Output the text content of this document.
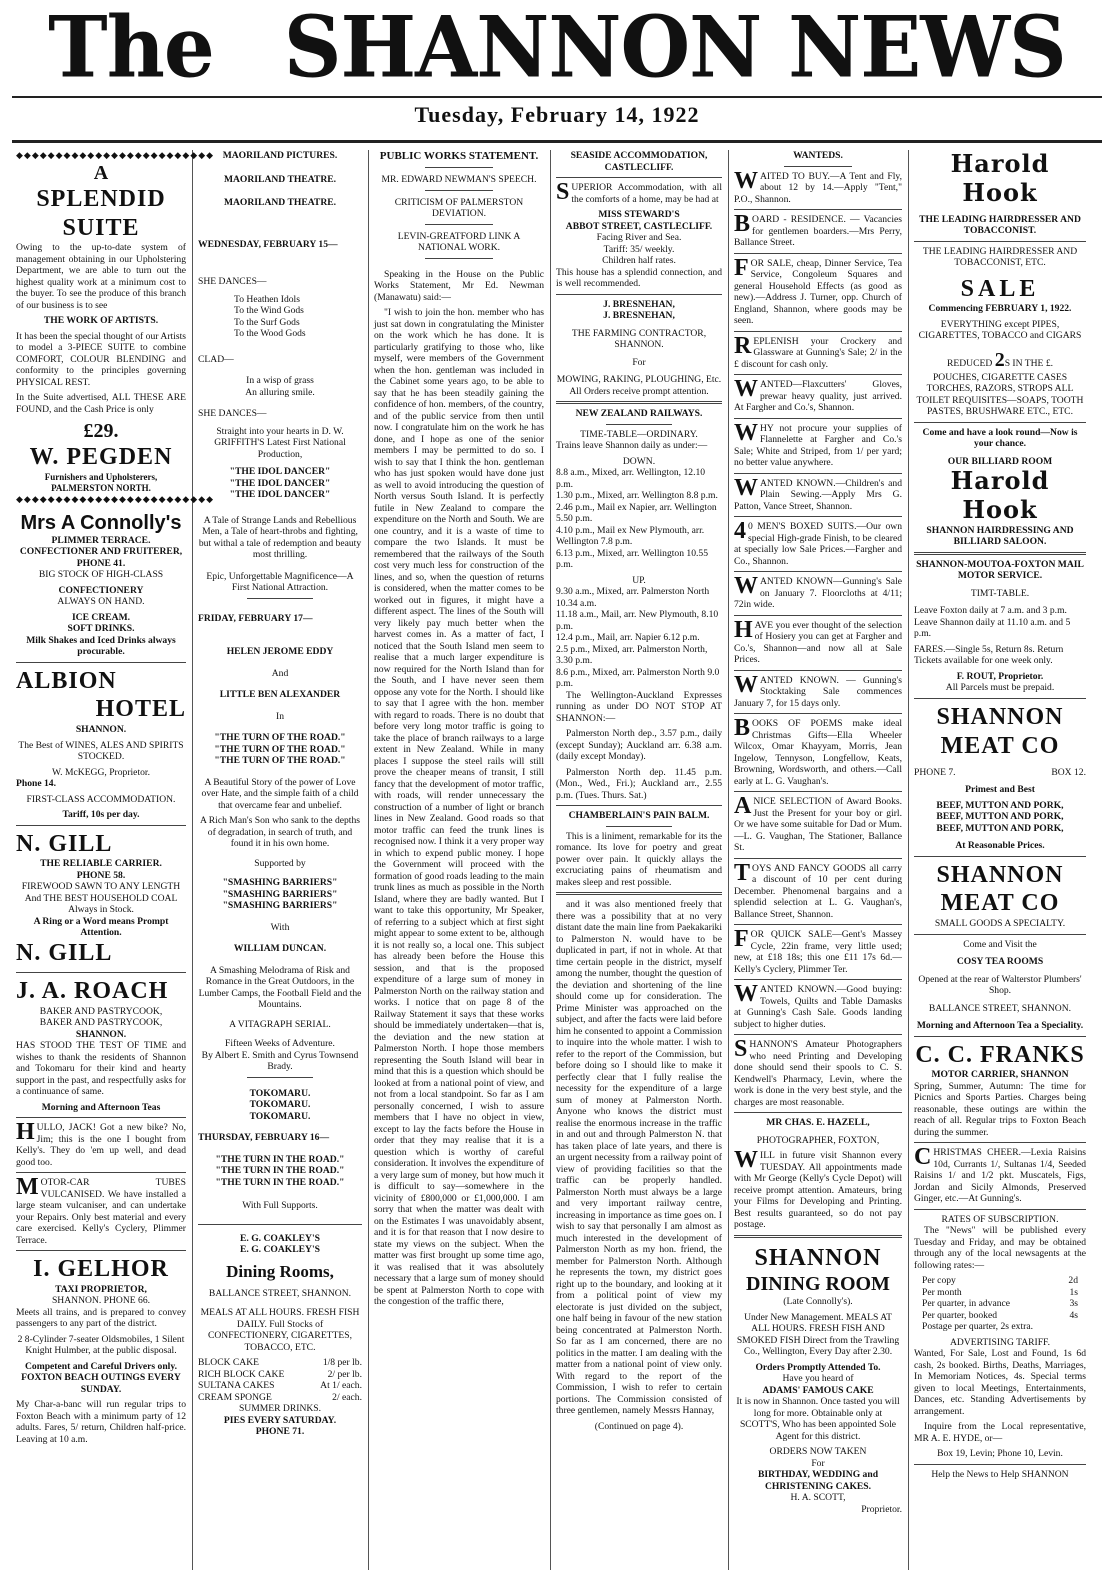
The SHANNON NEWS
Tuesday, February 14, 1922
◆◆◆◆◆◆◆◆◆◆◆◆◆◆◆◆◆◆◆◆◆◆◆◆◆
A
SPLENDID
SUITE

Owing to the up-to-date system of management obtaining in our Upholstering Department, we are able to turn out the highest quality work at a minimum cost to the buyer. To see the produce of this branch of our business is to see

THE WORK OF ARTISTS.

It has been the special thought of our Artists to model a 3-PIECE SUITE to combine COMFORT, COLOUR BLENDING and conformity to the principles governing PHYSICAL REST.

In the Suite advertised, ALL THESE ARE FOUND, and the Cash Price is only

£29.
W. PEGDEN
Furnishers and Upholsterers, PALMERSTON NORTH.
◆◆◆◆◆◆◆◆◆◆◆◆◆◆◆◆◆◆◆◆◆◆◆◆◆
Mrs A Connolly's
PLIMMER TERRACE.
CONFECTIONER AND FRUITERER,
PHONE 41.
BIG STOCK OF HIGH-CLASS
CONFECTIONERY
ALWAYS ON HAND.
ICE CREAM.
SOFT DRINKS.
Milk Shakes and Iced Drinks always procurable.
ALBION
HOTEL
SHANNON.
The Best of WINES, ALES AND SPIRITS STOCKED.
W. McKEGG, Proprietor.
Phone 14.
FIRST-CLASS ACCOMMODATION.
Tariff, 10s per day.
N. GILL
THE RELIABLE CARRIER.
PHONE 58.
FIREWOOD SAWN TO ANY LENGTH And THE BEST HOUSEHOLD COAL Always in Stock.
A Ring or a Word means Prompt Attention.
N. GILL
J. A. ROACH
BAKER AND PASTRYCOOK,
BAKER AND PASTRYCOOK,
SHANNON.

HAS STOOD THE TEST OF TIME and wishes to thank the residents of Shannon and Tokomaru for their kind and hearty support in the past, and respectfully asks for a continuance of same.

Morning and Afternoon Teas

HULLO, JACK! Got a new bike? No, Jim; this is the one I bought from Kelly's. They do 'em up well, and dead good too.

MOTOR-CAR TUBES VULCANISED. We have installed a large steam vulcaniser, and can undertake your Repairs. Only best material and every care exercised. Kelly's Cyclery, Plimmer Terrace.

I. GELHOR
TAXI PROPRIETOR,
SHANNON. PHONE 66.

Meets all trains, and is prepared to convey passengers to any part of the district.

2 8-Cylinder 7-seater Oldsmobiles, 1 Silent Knight Hulmber, at the public disposal.

Competent and Careful Drivers only. FOXTON BEACH OUTINGS EVERY SUNDAY.

My Char-a-banc will run regular trips to Foxton Beach with a minimum party of 12 adults. Fares, 5/ return, Children half-price. Leaving at 10 a.m.

MAORILAND PICTURES.
MAORILAND THEATRE.
MAORILAND THEATRE.
WEDNESDAY, FEBRUARY 15—
SHE DANCES—
To Heathen Idols
To the Wind Gods
To the Surf Gods
To the Wood Gods
CLAD—
In a wisp of grass
An alluring smile.
SHE DANCES—
Straight into your hearts in D. W. GRIFFITH'S Latest First National Production,
"THE IDOL DANCER"
"THE IDOL DANCER"
"THE IDOL DANCER"

A Tale of Strange Lands and Rebellious Men, a Tale of heart-throbs and fighting, but withal a tale of redemption and beauty most thrilling.

Epic, Unforgettable Magnificence—A First National Attraction.

FRIDAY, FEBRUARY 17—
HELEN JEROME EDDY
And
LITTLE BEN ALEXANDER
In
"THE TURN OF THE ROAD."
"THE TURN OF THE ROAD."
"THE TURN OF THE ROAD."

A Beautiful Story of the power of Love over Hate, and the simple faith of a child that overcame fear and unbelief.

A Rich Man's Son who sank to the depths of degradation, in search of truth, and found it in his own home.

Supported by
"SMASHING BARRIERS"
"SMASHING BARRIERS"
"SMASHING BARRIERS"
With
WILLIAM DUNCAN.

A Smashing Melodrama of Risk and Romance in the Great Outdoors, in the Lumber Camps, the Football Field and the Mountains.

A VITAGRAPH SERIAL.
Fifteen Weeks of Adventure.
By Albert E. Smith and Cyrus Townsend Brady.
TOKOMARU.
TOKOMARU.
TOKOMARU.
THURSDAY, FEBRUARY 16—
"THE TURN IN THE ROAD."
"THE TURN IN THE ROAD."
"THE TURN IN THE ROAD."
With Full Supports.
E. G. COAKLEY'S
E. G. COAKLEY'S
Dining Rooms,
BALLANCE STREET, SHANNON.

MEALS AT ALL HOURS. FRESH FISH DAILY. Full Stocks of CONFECTIONERY, CIGARETTES, TOBACCO, ETC.

BLOCK CAKE	1/8 per lb.
RICH BLOCK CAKE	2/ per lb.
SULTANA CAKES	At 1/ each.
CREAM SPONGE	2/ each.
SUMMER DRINKS.
PIES EVERY SATURDAY.
PHONE 71.
PUBLIC WORKS STATEMENT.
MR. EDWARD NEWMAN'S SPEECH.
CRITICISM OF PALMERSTON DEVIATION.
LEVIN-GREATFORD LINK A NATIONAL WORK.

Speaking in the House on the Public Works Statement, Mr Ed. Newman (Manawatu) said:—

"I wish to join the hon. member who has just sat down in congratulating the Minister on the work which he has done. It is particularly gratifying to those who, like myself, were members of the Government when the hon. gentleman was included in the Cabinet some years ago, to be able to say that he has been steadily gaining the confidence of hon. members, of the country, and of the public service from then until now. I congratulate him on the work he has done, and I hope as one of the senior members I may be permitted to do so. I wish to say that I think the hon. gentleman who has just spoken would have done just as well to avoid introducing the question of North versus South Island. It is perfectly futile in New Zealand to compare the expenditure on the North and South. We are one country, and it is a waste of time to compare the two Islands. It must be remembered that the railways of the South cost very much less for construction of the lines, and so, when the question of returns is considered, when the matter comes to be worked out in figures, it might have a different aspect. The lines of the South will very likely pay much better when the harvest comes in. As a matter of fact, I noticed that the South Island men seem to realise that a much larger expenditure is now required for the North Island than for the South, and I have never seen them oppose any vote for the North. I should like to say that I agree with the hon. member with regard to roads. There is no doubt that before very long motor traffic is going to take the place of branch railways to a large extent in New Zealand. While in many places I suppose the steel rails will still prove the cheaper means of transit, I still fancy that the development of motor traffic, with roads, will render unnecessary the construction of a number of light or branch lines in New Zealand. Good roads so that motor traffic can feed the trunk lines is recognised now. I think it a very proper way in which to expend public money. I hope the Government will proceed with the formation of good roads leading to the main trunk lines as much as possible in the North Island, where they are badly wanted. But I want to take this opportunity, Mr Speaker, of referring to a subject which at first sight might appear to some extent to be, although it is not really so, a local one. This subject has already been before the House this session, and that is the proposed expenditure of a large sum of money in Palmerston North on the railway station and works. I notice that on page 8 of the Railway Statement it says that these works should be immediately undertaken—that is, the deviation and the new station at Palmerston North. I hope those members representing the South Island will bear in mind that this is a question which should be looked at from a national point of view, and not from a local standpoint. So far as I am personally concerned, I wish to assure members that I have no object in view, except to lay the facts before the House in order that they may realise that it is a question which is worthy of careful consideration. It involves the expenditure of a very large sum of money, but how much it is difficult to say—somewhere in the vicinity of £800,000 or £1,000,000. I am sorry that when the matter was dealt with on the Estimates I was unavoidably absent, and it is for that reason that I now desire to state my views on the subject. When the matter was first brought up some time ago, it was realised that it was absolutely necessary that a large sum of money should be spent at Palmerston North to cope with the congestion of the traffic there,

SEASIDE ACCOMMODATION, CASTLECLIFF.

SUPERIOR Accommodation, with all the comforts of a home, may be had at

MISS STEWARD'S
ABBOT STREET, CASTLECLIFF.
Facing River and Sea.
Tariff: 35/ weekly.
Children half rates.

This house has a splendid connection, and is well recommended.

J. BRESNEHAN,
J. BRESNEHAN,
THE FARMING CONTRACTOR, SHANNON.
For

MOWING, RAKING, PLOUGHING, Etc. All Orders receive prompt attention.

NEW ZEALAND RAILWAYS.
TIME-TABLE—ORDINARY.

Trains leave Shannon daily as under:—

DOWN.
8.8 a.m., Mixed, arr. Wellington, 12.10 p.m.
1.30 p.m., Mixed, arr. Wellington 8.8 p.m.
2.46 p.m., Mail ex Napier, arr. Wellington 5.50 p.m.
4.10 p.m., Mail ex New Plymouth, arr. Wellington 7.8 p.m.
6.13 p.m., Mixed, arr. Wellington 10.55 p.m.
UP.
9.30 a.m., Mixed, arr. Palmerston North 10.34 a.m.
11.18 a.m., Mail, arr. New Plymouth, 8.10 p.m.
12.4 p.m., Mail, arr. Napier 6.12 p.m.
2.5 p.m., Mixed, arr. Palmerston North, 3.30 p.m.
8.6 p.m., Mixed, arr. Palmerston North 9.0 p.m.

The Wellington-Auckland Expresses running as under DO NOT STOP AT SHANNON:—

Palmerston North dep., 3.57 p.m., daily (except Sunday); Auckland arr. 6.38 a.m. (daily except Monday).

Palmerston North dep. 11.45 p.m. (Mon., Wed., Fri.); Auckland arr., 2.55 p.m. (Tues. Thurs. Sat.)

CHAMBERLAIN'S PAIN BALM.

This is a liniment, remarkable for its the romance. Its love for poetry and great power over pain. It quickly allays the excruciating pains of rheumatism and makes sleep and rest possible.

and it was also mentioned freely that there was a possibility that at no very distant date the main line from Paekakariki to Palmerston N. would have to be duplicated in part, if not in whole. At that time certain people in the district, myself among the number, thought the question of the deviation and shortening of the line should come up for consideration. The Prime Minister was approached on the subject, and after the facts were laid before him he consented to appoint a Commission to inquire into the whole matter. I wish to refer to the report of the Commission, but before doing so I should like to make it perfectly clear that I fully realise the necessity for the expenditure of a large sum of money at Palmerston North. Anyone who knows the district must realise the enormous increase in the traffic in and out and through Palmerston N. that has taken place of late years, and there is an urgent necessity from a railway point of view of providing facilities so that the traffic can be properly handled. Palmerston North must always be a large and very important railway centre, increasing in importance as time goes on. I wish to say that personally I am almost as much interested in the development of Palmerston North as my hon. friend, the member for Palmerston North. Although he represents the town, my district goes right up to the boundary, and looking at it from a political point of view my electorate is just divided on the subject, one half being in favour of the new station being concentrated at Palmerston North. So far as I am concerned, there are no politics in the matter. I am dealing with the matter from a national point of view only. With regard to the report of the Commission, I wish to refer to certain portions. The Commission consisted of three gentlemen, namely Messrs Hannay,

(Continued on page 4).
WANTEDS.

WAITED TO BUY.—A Tent and Fly, about 12 by 14.—Apply "Tent," P.O., Shannon.

BOARD - RESIDENCE. — Vacancies for gentlemen boarders.—Mrs Perry, Ballance Street.

FOR SALE, cheap, Dinner Service, Tea Service, Congoleum Squares and general Household Effects (as good as new).—Address J. Turner, opp. Church of England, Shannon, where goods may be seen.

REPLENISH your Crockery and Glassware at Gunning's Sale; 2/ in the £ discount for cash only.

WANTED—Flaxcutters' Gloves, prewar heavy quality, just arrived. At Fargher and Co.'s, Shannon.

WHY not procure your supplies of Flannelette at Fargher and Co.'s Sale; White and Striped, from 1/ per yard; no better value anywhere.

WANTED KNOWN.—Children's and Plain Sewing.—Apply Mrs G. Patton, Vance Street, Shannon.

40 MEN'S BOXED SUITS.—Our own special High-grade Finish, to be cleared at specially low Sale Prices.—Fargher and Co., Shannon.

WANTED KNOWN—Gunning's Sale on January 7. Floorcloths at 4/11; 72in wide.

HAVE you ever thought of the selection of Hosiery you can get at Fargher and Co.'s, Shannon—and now all at Sale Prices.

WANTED KNOWN. — Gunning's Stocktaking Sale commences January 7, for 15 days only.

BOOKS OF POEMS make ideal Christmas Gifts—Ella Wheeler Wilcox, Omar Khayyam, Morris, Jean Ingelow, Tennyson, Longfellow, Keats, Browning, Wordsworth, and others.—Call early at L. G. Vaughan's.

ANICE SELECTION of Award Books. Just the Present for your boy or girl. Or we have some suitable for Dad or Mum.—L. G. Vaughan, The Stationer, Ballance St.

TOYS AND FANCY GOODS all carry a discount of 10 per cent during December. Phenomenal bargains and a splendid selection at L. G. Vaughan's, Ballance Street, Shannon.

FOR QUICK SALE—Gent's Massey Cycle, 22in frame, very little used; new, at £18 18s; this one £11 17s 6d.—Kelly's Cyclery, Plimmer Ter.

WANTED KNOWN.—Good buying: Towels, Quilts and Table Damasks at Gunning's Cash Sale. Goods landing subject to higher duties.

SHANNON'S Amateur Photographers who need Printing and Developing done should send their spools to C. S. Kendwell's Pharmacy, Levin, where the work is done in the very best style, and the charges are most reasonable.

MR CHAS. E. HAZELL,
PHOTOGRAPHER, FOXTON,

WILL in future visit Shannon every TUESDAY. All appointments made with Mr George (Kelly's Cycle Depot) will receive prompt attention. Amateurs, bring your Films for Developing and Printing. Best results guaranteed, so do not pay postage.

SHANNON
DINING ROOM
(Late Connolly's).

Under New Management. MEALS AT ALL HOURS. FRESH FISH AND SMOKED FISH Direct from the Trawling Co., Wellington, Every Day after 2.30.

Orders Promptly Attended To.
Have you heard of
ADAMS' FAMOUS CAKE

It is now in Shannon. Once tasted you will long for more. Obtainable only at SCOTT'S, Who has been appointed Sole Agent for this district.

ORDERS NOW TAKEN
For
BIRTHDAY, WEDDING and CHRISTENING CAKES.
H. A. SCOTT,
Proprietor.
Harold Hook
THE LEADING HAIRDRESSER AND TOBACCONIST.
THE LEADING HAIRDRESSER AND TOBACCONIST, ETC.
SALE
Commencing FEBRUARY 1, 1922.
EVERYTHING except PIPES, CIGARETTES, TOBACCO and CIGARS
REDUCED 2S IN THE £.
POUCHES, CIGARETTE CASES TORCHES, RAZORS, STROPS ALL TOILET REQUISITES—SOAPS, TOOTH PASTES, BRUSHWARE ETC., ETC.
Come and have a look round—Now is your chance.
OUR BILLIARD ROOM
Harold Hook
SHANNON HAIRDRESSING AND BILLIARD SALOON.
SHANNON-MOUTOA-FOXTON MAIL MOTOR SERVICE.
TIMT-TABLE.

Leave Foxton daily at 7 a.m. and 3 p.m. Leave Shannon daily at 11.10 a.m. and 5 p.m.

FARES.—Single 5s, Return 8s. Return Tickets available for one week only.

F. ROUT, Proprietor.
All Parcels must be prepaid.
SHANNON
MEAT CO
PHONE 7.	BOX 12.
Primest and Best
BEEF, MUTTON AND PORK,
BEEF, MUTTON AND PORK,
BEEF, MUTTON AND PORK,
At Reasonable Prices.
SHANNON
MEAT CO
SMALL GOODS A SPECIALTY.
Come and Visit the
COSY TEA ROOMS
Opened at the rear of Walterstor Plumbers' Shop.
BALLANCE STREET, SHANNON.
Morning and Afternoon Tea a Speciality.
C. C. FRANKS
MOTOR CARRIER, SHANNON

Spring, Summer, Autumn: The time for Picnics and Sports Parties. Charges being reasonable, these outings are within the reach of all. Regular trips to Foxton Beach during the summer.

CHRISTMAS CHEER.—Lexia Raisins 10d, Currants 1/, Sultanas 1/4, Seeded Raisins 1/ and 1/2 pkt. Muscatels, Figs, Jordan and Sicily Almonds, Preserved Ginger, etc.—At Gunning's.

RATES OF SUBSCRIPTION.

The "News" will be published every Tuesday and Friday, and may be obtained through any of the local newsagents at the following rates:—

Per copy	2d
Per month	1s
Per quarter, in advance	3s
Per quarter, booked	4s
Postage per quarter, 2s extra.
ADVERTISING TARIFF.

Wanted, For Sale, Lost and Found, 1s 6d cash, 2s booked. Births, Deaths, Marriages, In Memoriam Notices, 4s. Special terms given to local Meetings, Entertainments, Dances, etc. Standing Advertisements by arrangement.

Inquire from the Local representative, MR A. E. HYDE, or—

Box 19, Levin; Phone 10, Levin.
Help the News to Help SHANNON
